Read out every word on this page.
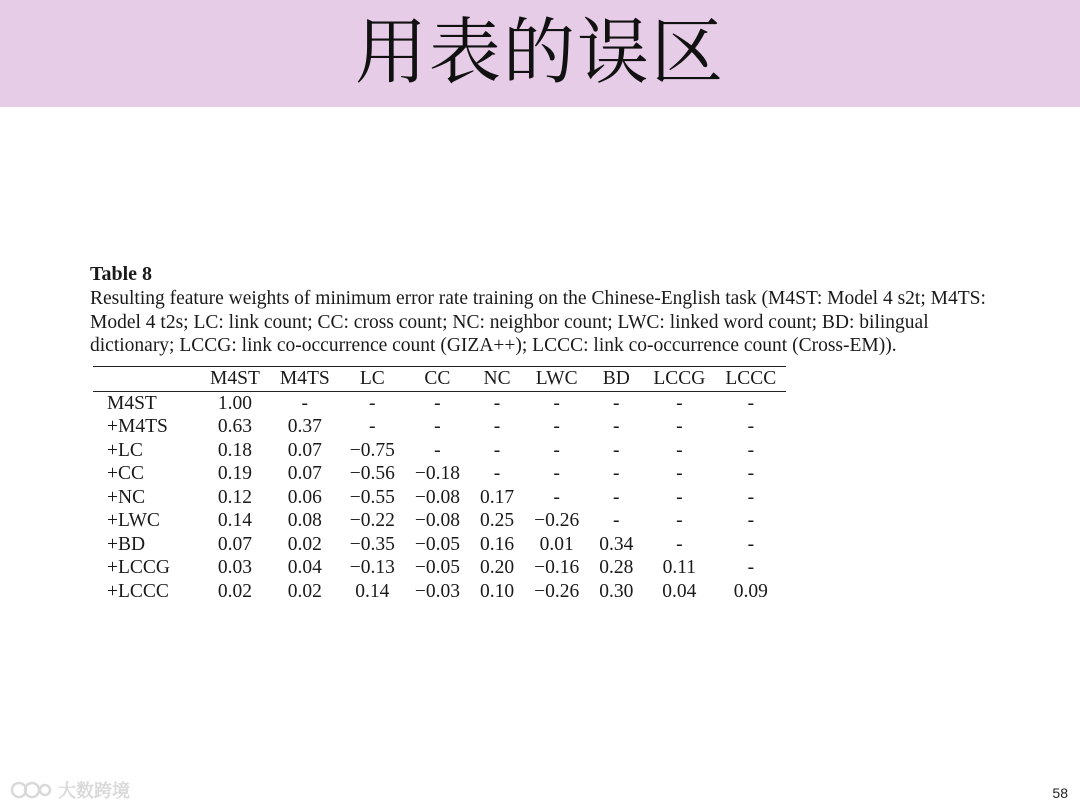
用表的误区
Table 8
Resulting feature weights of minimum error rate training on the Chinese-English task (M4ST: Model 4 s2t; M4TS: Model 4 t2s; LC: link count; CC: cross count; NC: neighbor count; LWC: linked word count; BD: bilingual dictionary; LCCG: link co-occurrence count (GIZA++); LCCC: link co-occurrence count (Cross-EM)).
	M4ST	M4TS	LC	CC	NC	LWC	BD	LCCG	LCCC
M4ST	1.00	-	-	-	-	-	-	-	-
+M4TS	0.63	0.37	-	-	-	-	-	-	-
+LC	0.18	0.07	−0.75	-	-	-	-	-	-
+CC	0.19	0.07	−0.56	−0.18	-	-	-	-	-
+NC	0.12	0.06	−0.55	−0.08	0.17	-	-	-	-
+LWC	0.14	0.08	−0.22	−0.08	0.25	−0.26	-	-	-
+BD	0.07	0.02	−0.35	−0.05	0.16	0.01	0.34	-	-
+LCCG	0.03	0.04	−0.13	−0.05	0.20	−0.16	0.28	0.11	-
+LCCC	0.02	0.02	0.14	−0.03	0.10	−0.26	0.30	0.04	0.09
大数跨境	58
